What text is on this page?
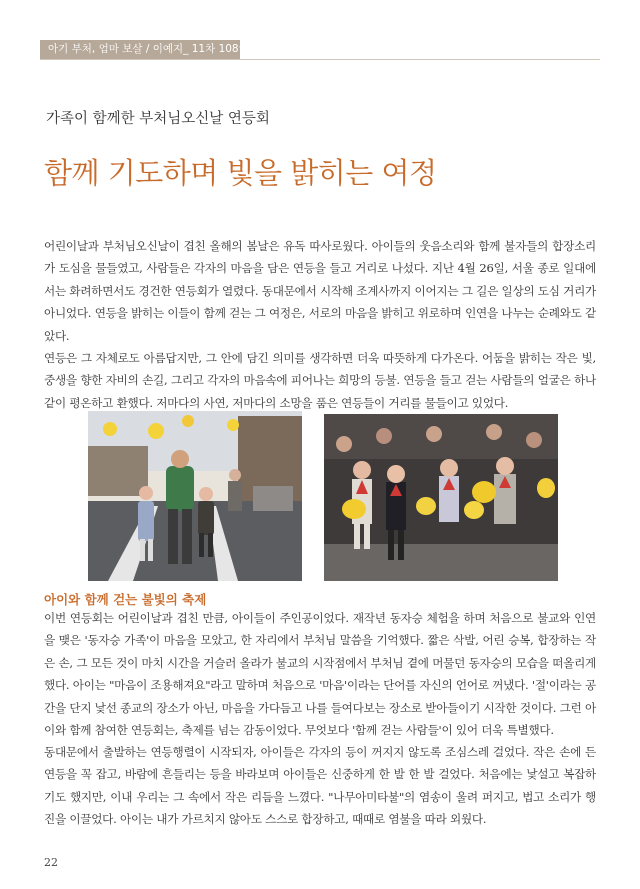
아기 부처, 엄마 보살 / 이예지_ 11차 108인
가족이 함께한 부처님오신날 연등회
함께 기도하며 빛을 밝히는 여정

어린이날과 부처님오신날이 겹친 올해의 봄날은 유독 따사로웠다. 아이들의 웃음소리와 함께 불자들의 합장소리가 도심을 물들였고, 사람들은 각자의 마음을 담은 연등을 들고 거리로 나섰다. 지난 4월 26일, 서울 종로 일대에서는 화려하면서도 경건한 연등회가 열렸다. 동대문에서 시작해 조계사까지 이어지는 그 길은 일상의 도심 거리가 아니었다. 연등을 밝히는 이들이 함께 걷는 그 여정은, 서로의 마음을 밝히고 위로하며 인연을 나누는 순례와도 같았다.

연등은 그 자체로도 아름답지만, 그 안에 담긴 의미를 생각하면 더욱 따뜻하게 다가온다. 어둠을 밝히는 작은 빛, 중생을 향한 자비의 손길, 그리고 각자의 마음속에 피어나는 희망의 등불. 연등을 들고 걷는 사람들의 얼굴은 하나같이 평온하고 환했다. 저마다의 사연, 저마다의 소망을 품은 연등들이 거리를 물들이고 있었다.

아이와 함께 걷는 불빛의 축제

이번 연등회는 어린이날과 겹친 만큼, 아이들이 주인공이었다. 재작년 동자승 체험을 하며 처음으로 불교와 인연을 맺은 '동자승 가족'이 마음을 모았고, 한 자리에서 부처님 말씀을 기억했다. 짧은 삭발, 어린 승복, 합장하는 작은 손, 그 모든 것이 마치 시간을 거슬러 올라가 불교의 시작점에서 부처님 곁에 머물던 동자승의 모습을 떠올리게 했다. 아이는 "마음이 조용해져요"라고 말하며 처음으로 '마음'이라는 단어를 자신의 언어로 꺼냈다. '절'이라는 공간을 단지 낯선 종교의 장소가 아닌, 마음을 가다듬고 나를 들여다보는 장소로 받아들이기 시작한 것이다. 그런 아이와 함께 참여한 연등회는, 축제를 넘는 감동이었다. 무엇보다 '함께 걷는 사람들'이 있어 더욱 특별했다.

동대문에서 출발하는 연등행렬이 시작되자, 아이들은 각자의 등이 꺼지지 않도록 조심스레 걸었다. 작은 손에 든 연등을 꼭 잡고, 바람에 흔들리는 등을 바라보며 아이들은 신중하게 한 발 한 발 걸었다. 처음에는 낯설고 복잡하기도 했지만, 이내 우리는 그 속에서 작은 리듬을 느꼈다. "나무아미타불"의 염송이 울려 퍼지고, 법고 소리가 행진을 이끌었다. 아이는 내가 가르치지 않아도 스스로 합장하고, 때때로 염불을 따라 외웠다.

22
